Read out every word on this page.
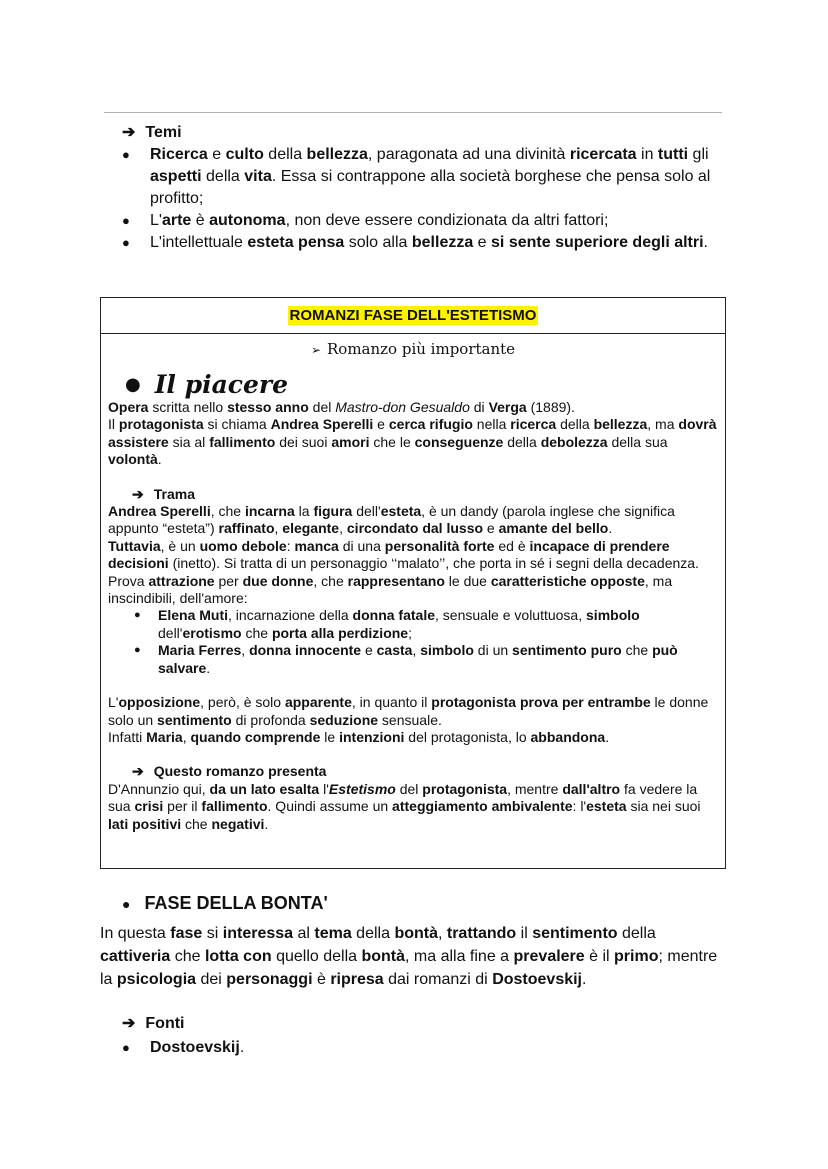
➔ Temi
●	Ricerca e culto della bellezza, paragonata ad una divinità ricercata in tutti gli aspetti della vita. Essa si contrappone alla società borghese che pensa solo al profitto;
●	L'arte è autonoma, non deve essere condizionata da altri fattori;
●	L'intellettuale esteta pensa solo alla bellezza e si sente superiore degli altri.
ROMANZI FASE DELL'ESTETISMO
➢ Romanzo più importante
● Il piacere

Opera scritta nello stesso anno del Mastro-don Gesualdo di Verga (1889).

Il protagonista si chiama Andrea Sperelli e cerca rifugio nella ricerca della bellezza, ma dovrà assistere sia al fallimento dei suoi amori che le conseguenze della debolezza della sua volontà.

➔ Trama

Andrea Sperelli, che incarna la figura dell'esteta, è un dandy (parola inglese che significa appunto “esteta”) raffinato, elegante, circondato dal lusso e amante del bello.

Tuttavia, è un uomo debole: manca di una personalità forte ed è incapace di prendere decisioni (inetto). Si tratta di un personaggio ‘‘malato’’, che porta in sé i segni della decadenza.

Prova attrazione per due donne, che rappresentano le due caratteristiche opposte, ma inscindibili, dell'amore:

●	Elena Muti, incarnazione della donna fatale, sensuale e voluttuosa, simbolo dell'erotismo che porta alla perdizione;
●	Maria Ferres, donna innocente e casta, simbolo di un sentimento puro che può salvare.

L'opposizione, però, è solo apparente, in quanto il protagonista prova per entrambe le donne solo un sentimento di profonda seduzione sensuale.

Infatti Maria, quando comprende le intenzioni del protagonista, lo abbandona.

➔ Questo romanzo presenta

D'Annunzio qui, da un lato esalta l'Estetismo del protagonista, mentre dall'altro fa vedere la sua crisi per il fallimento. Quindi assume un atteggiamento ambivalente: l'esteta sia nei suoi lati positivi che negativi.

● FASE DELLA BONTA'
In questa fase si interessa al tema della bontà, trattando il sentimento della cattiveria che lotta con quello della bontà, ma alla fine a prevalere è il primo; mentre la psicologia dei personaggi è ripresa dai romanzi di Dostoevskij.
➔ Fonti
●	Dostoevskij.
